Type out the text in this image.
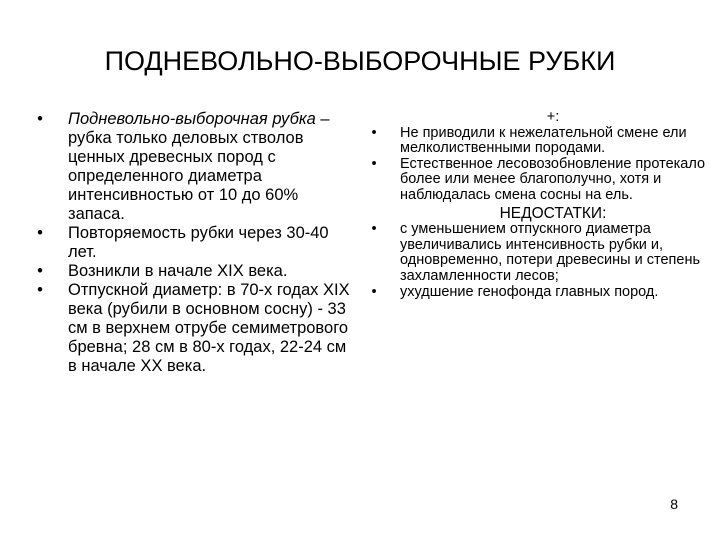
ПОДНЕВОЛЬНО-ВЫБОРОЧНЫЕ РУБКИ
• Подневольно-выборочная рубка – рубка только деловых стволов ценных древесных пород с определенного диаметра интенсивностью от 10 до 60% запаса.
• Повторяемость рубки через 30-40 лет.
• Возникли в начале XIX века.
• Отпускной диаметр: в 70-х годах XIX века (рубили в основном сосну) - 33 см в верхнем отрубе семиметрового бревна; 28 см в 80-х годах, 22-24 см в начале XX века.
+:
•	Не приводили к нежелательной смене ели мелколиственными породами.
•	Естественное лесовозобновление протекало более или менее благополучно, хотя и наблюдалась смена сосны на ель.
НЕДОСТАТКИ:
•	с уменьшением отпускного диаметра увеличивались интенсивность рубки и, одновременно, потери древесины и степень захламленности лесов;
•	ухудшение генофонда главных пород.
8
